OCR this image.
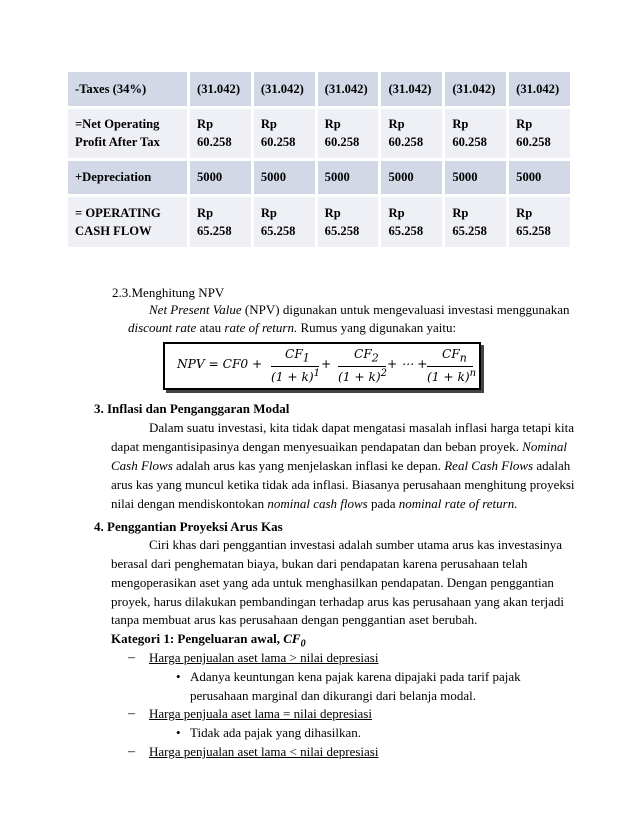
-Taxes (34%)	(31.042)	(31.042)	(31.042)	(31.042)	(31.042)	(31.042)
=Net Operating Profit After Tax	Rp 60.258	Rp 60.258	Rp 60.258	Rp 60.258	Rp 60.258	Rp 60.258
+Depreciation	5000	5000	5000	5000	5000	5000
= OPERATING CASH FLOW	Rp 65.258	Rp 65.258	Rp 65.258	Rp 65.258	Rp 65.258	Rp 65.258
2.3.Menghitung NPV
Net Present Value (NPV) digunakan untuk mengevaluasi investasi menggunakan
discount rate atau rate of return. Rumus yang digunakan yaitu:
NPV = CF0 +
$CF_1$
$(1 + k)^1$
+
$CF_2$
$(1 + k)^2$
+ ⋯ +
$CF_n$
$(1 + k)^n$
3. Inflasi dan Penganggaran Modal
Dalam suatu investasi, kita tidak dapat mengatasi masalah inflasi harga tetapi kita
dapat mengantisipasinya dengan menyesuaikan pendapatan dan beban proyek. Nominal
Cash Flows adalah arus kas yang menjelaskan inflasi ke depan. Real Cash Flows adalah
arus kas yang muncul ketika tidak ada inflasi. Biasanya perusahaan menghitung proyeksi
nilai dengan mendiskontokan nominal cash flows pada nominal rate of return.
4. Penggantian Proyeksi Arus Kas
Ciri khas dari penggantian investasi adalah sumber utama arus kas investasinya
berasal dari penghematan biaya, bukan dari pendapatan karena perusahaan telah
mengoperasikan aset yang ada untuk menghasilkan pendapatan. Dengan penggantian
proyek, harus dilakukan pembandingan terhadap arus kas perusahaan yang akan terjadi
tanpa membuat arus kas perusahaan dengan penggantian aset berubah.
Kategori 1: Pengeluaran awal, $CF_0$
– Harga penjualan aset lama > nilai depresiasi
• Adanya keuntungan kena pajak karena dipajaki pada tarif pajak
perusahaan marginal dan dikurangi dari belanja modal.
– Harga penjuala aset lama = nilai depresiasi
• Tidak ada pajak yang dihasilkan.
– Harga penjualan aset lama < nilai depresiasi
